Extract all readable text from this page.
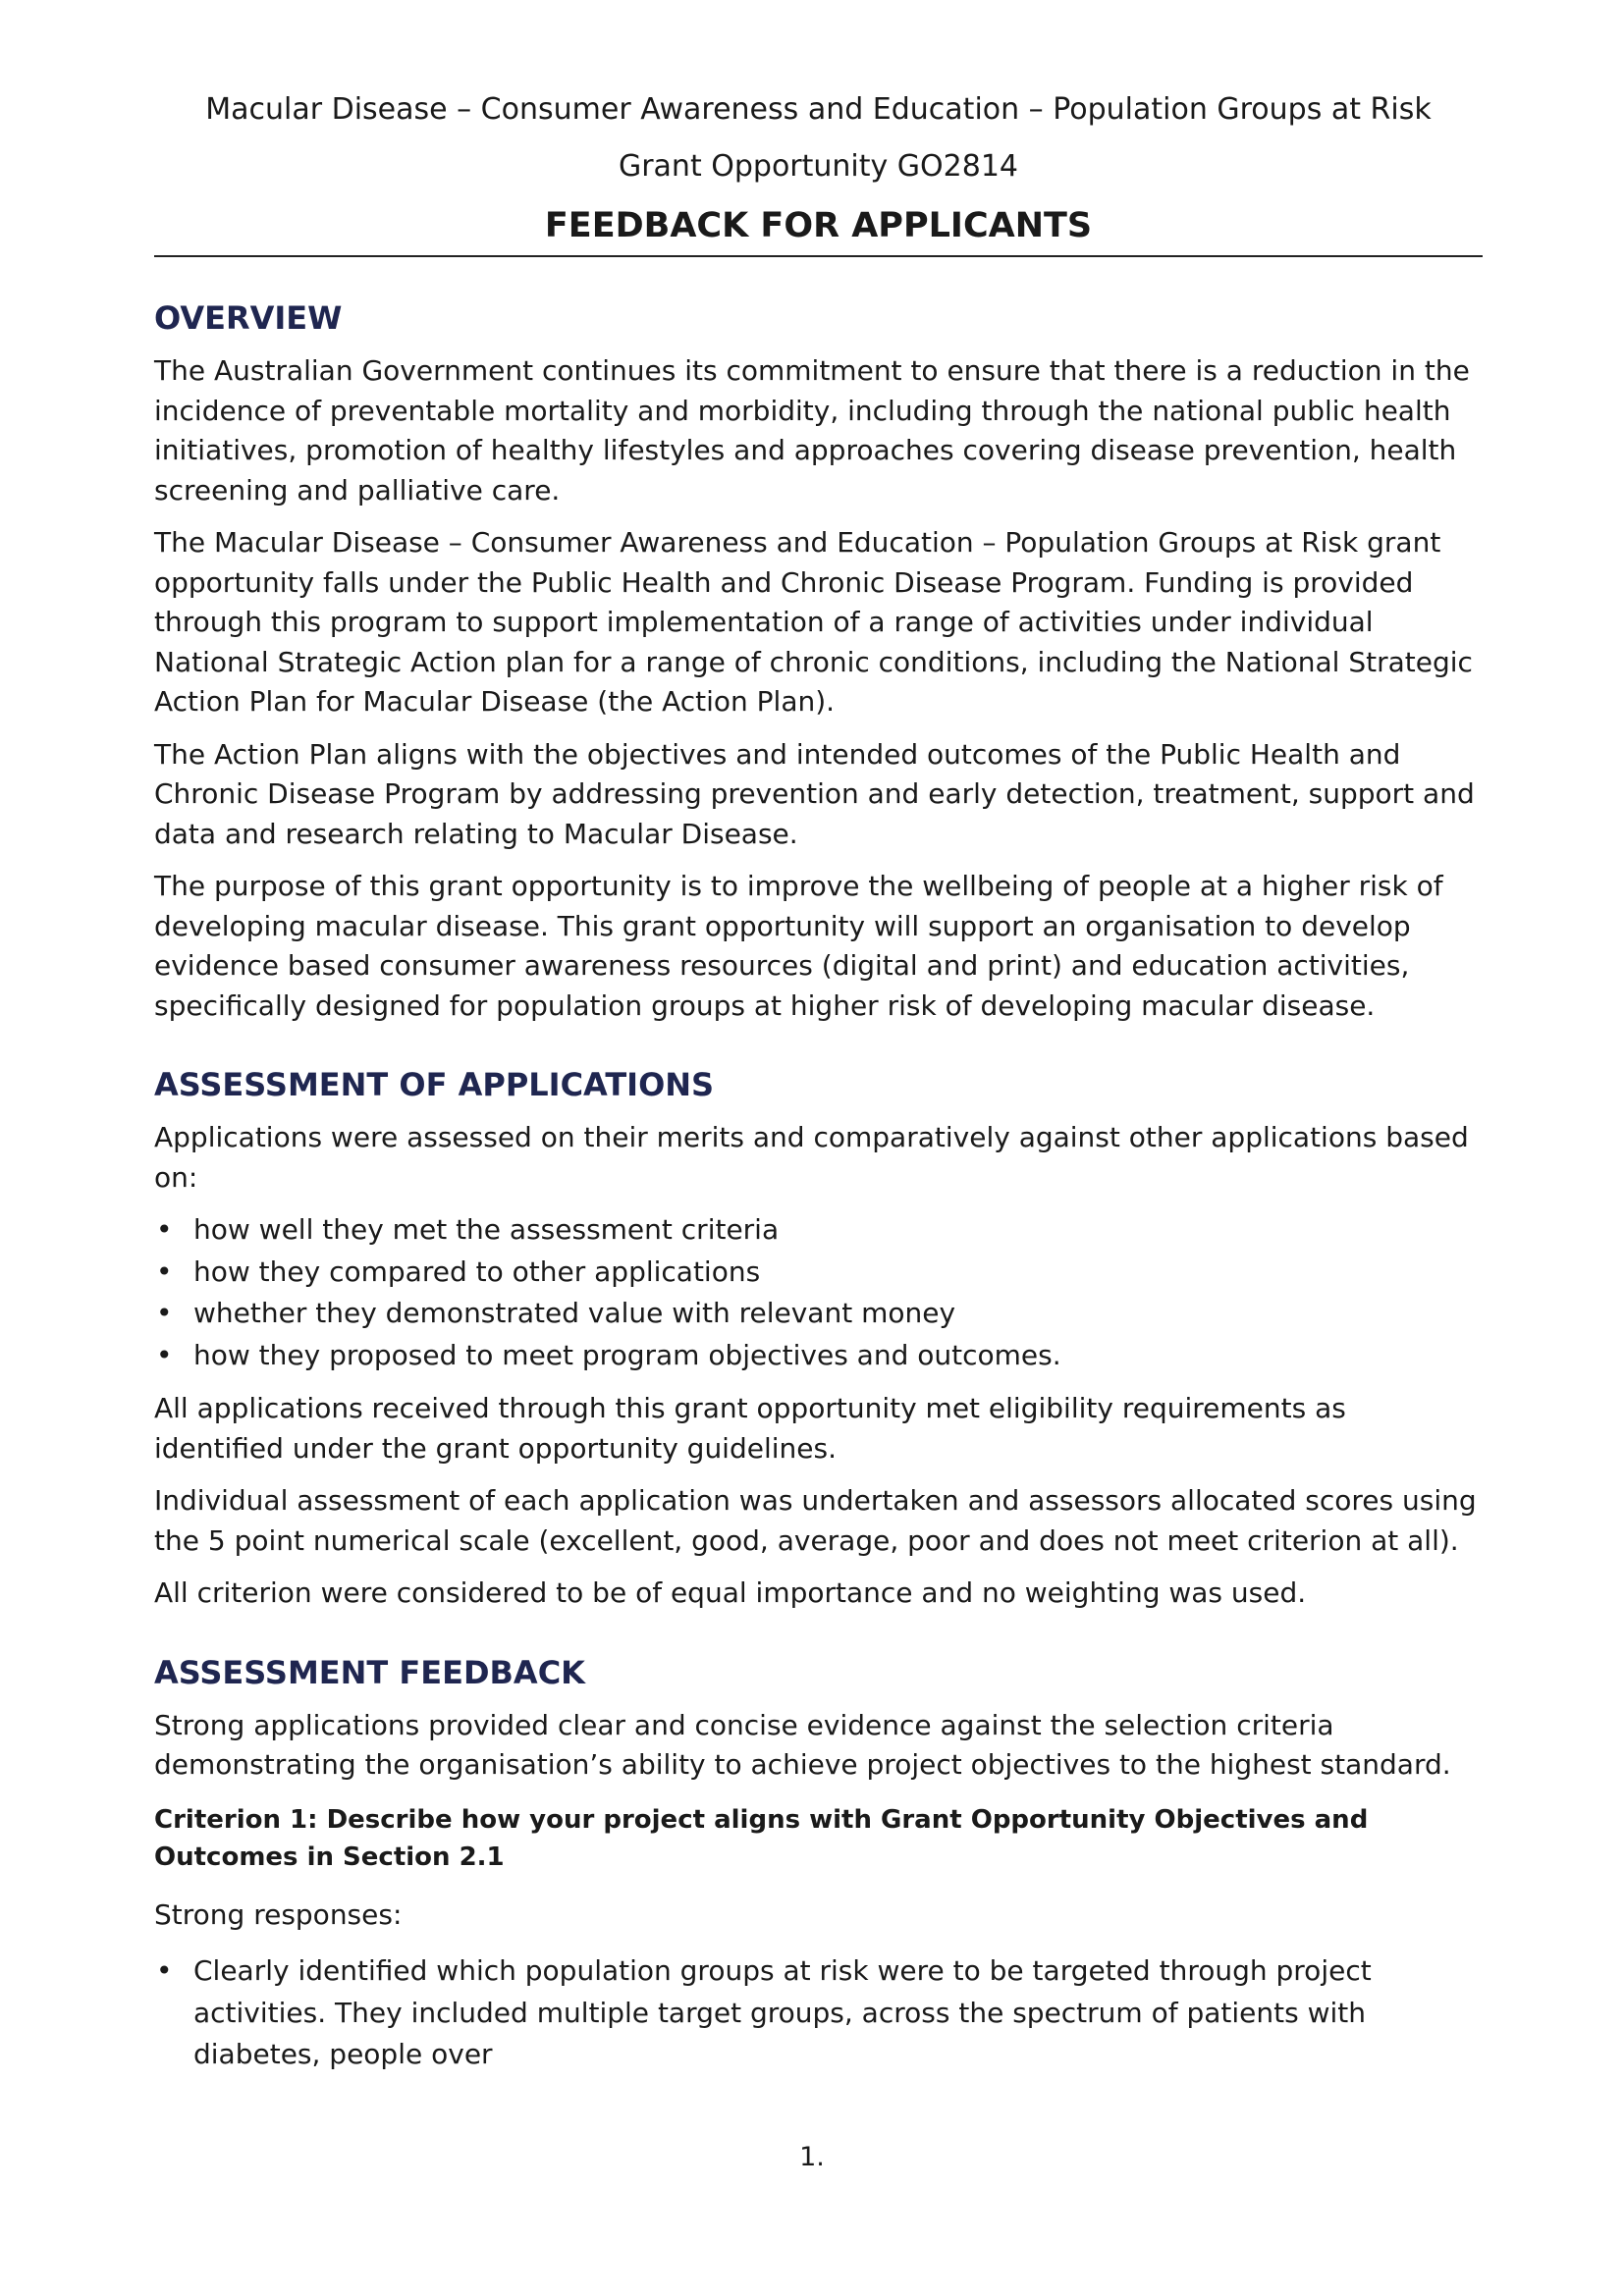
Macular Disease – Consumer Awareness and Education – Population Groups at Risk

Grant Opportunity GO2814

FEEDBACK FOR APPLICANTS
OVERVIEW

The Australian Government continues its commitment to ensure that there is a reduction in the incidence of preventable mortality and morbidity, including through the national public health initiatives, promotion of healthy lifestyles and approaches covering disease prevention, health screening and palliative care.

The Macular Disease – Consumer Awareness and Education – Population Groups at Risk grant opportunity falls under the Public Health and Chronic Disease Program. Funding is provided through this program to support implementation of a range of activities under individual National Strategic Action plan for a range of chronic conditions, including the National Strategic Action Plan for Macular Disease (the Action Plan).

The Action Plan aligns with the objectives and intended outcomes of the Public Health and Chronic Disease Program by addressing prevention and early detection, treatment, support and data and research relating to Macular Disease.

The purpose of this grant opportunity is to improve the wellbeing of people at a higher risk of developing macular disease. This grant opportunity will support an organisation to develop evidence based consumer awareness resources (digital and print) and education activities, specifically designed for population groups at higher risk of developing macular disease.

ASSESSMENT OF APPLICATIONS

Applications were assessed on their merits and comparatively against other applications based on:

• how well they met the assessment criteria
• how they compared to other applications
• whether they demonstrated value with relevant money
• how they proposed to meet program objectives and outcomes.

All applications received through this grant opportunity met eligibility requirements as identified under the grant opportunity guidelines.

Individual assessment of each application was undertaken and assessors allocated scores using the 5 point numerical scale (excellent, good, average, poor and does not meet criterion at all).

All criterion were considered to be of equal importance and no weighting was used.

ASSESSMENT FEEDBACK

Strong applications provided clear and concise evidence against the selection criteria demonstrating the organisation’s ability to achieve project objectives to the highest standard.

Criterion 1: Describe how your project aligns with Grant Opportunity Objectives and Outcomes in Section 2.1

Strong responses:

• Clearly identified which population groups at risk were to be targeted through project activities. They included multiple target groups, across the spectrum of patients with diabetes, people over
1.
